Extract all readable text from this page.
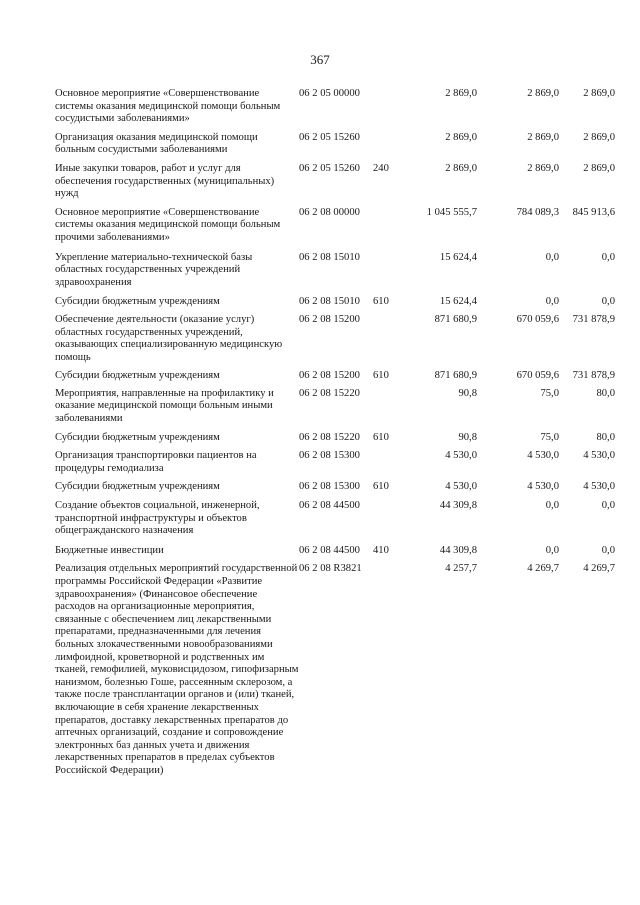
367
Основное мероприятие «Совершенствование системы оказания медицинской помощи больным сосудистыми заболеваниями»	06 2 05 00000		2 869,0	2 869,0	2 869,0
Организация оказания медицинской помощи больным сосудистыми заболеваниями	06 2 05 15260		2 869,0	2 869,0	2 869,0
Иные закупки товаров, работ и услуг для обеспечения государственных (муниципальных) нужд	06 2 05 15260	240	2 869,0	2 869,0	2 869,0
Основное мероприятие «Совершенствование системы оказания медицинской помощи больным прочими заболеваниями»	06 2 08 00000		1 045 555,7	784 089,3	845 913,6
Укрепление материально-технической базы областных государственных учреждений здравоохранения	06 2 08 15010		15 624,4	0,0	0,0
Субсидии бюджетным учреждениям	06 2 08 15010	610	15 624,4	0,0	0,0
Обеспечение деятельности (оказание услуг) областных государственных учреждений, оказывающих специализированную медицинскую помощь	06 2 08 15200		871 680,9	670 059,6	731 878,9
Субсидии бюджетным учреждениям	06 2 08 15200	610	871 680,9	670 059,6	731 878,9
Мероприятия, направленные на профилактику и оказание медицинской помощи больным иными заболеваниями	06 2 08 15220		90,8	75,0	80,0
Субсидии бюджетным учреждениям	06 2 08 15220	610	90,8	75,0	80,0
Организация транспортировки пациентов на процедуры гемодиализа	06 2 08 15300		4 530,0	4 530,0	4 530,0
Субсидии бюджетным учреждениям	06 2 08 15300	610	4 530,0	4 530,0	4 530,0
Создание объектов социальной, инженерной, транспортной инфраструктуры и объектов общегражданского назначения	06 2 08 44500		44 309,8	0,0	0,0
Бюджетные инвестиции	06 2 08 44500	410	44 309,8	0,0	0,0
Реализация отдельных мероприятий государственной программы Российской Федерации «Развитие здравоохранения» (Финансовое обеспечение расходов на организационные мероприятия, связанные с обеспечением лиц лекарственными препаратами, предназначенными для лечения больных злокачественными новообразованиями лимфоидной, кроветворной и родственных им тканей, гемофилией, муковисцидозом, гипофизарным нанизмом, болезнью Гоше, рассеянным склерозом, а также после трансплантации органов и (или) тканей, включающие в себя хранение лекарственных препаратов, доставку лекарственных препаратов до аптечных организаций, создание и сопровождение электронных баз данных учета и движения лекарственных препаратов в пределах субъектов Российской Федерации)	06 2 08 R3821		4 257,7	4 269,7	4 269,7
